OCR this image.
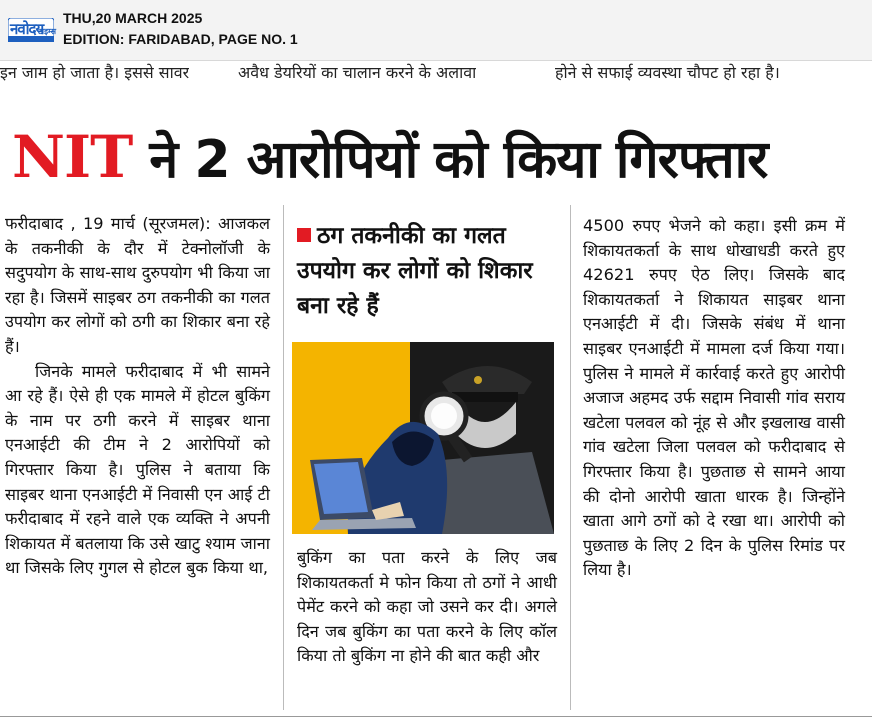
नवोदय
टाइम्स
THU,20 MARCH 2025
EDITION: FARIDABAD, PAGE NO. 1
इन जाम हो जाता है। इससे सावर	अवैध डेयरियों का चालान करने के अलावा	होने से सफाई व्यवस्था चौपट हो रहा है।
NIT ने 2 आरोपियों को किया गिरफ्तार

फरीदाबाद , 19 मार्च (सूरजमल): आजकल के तकनीकी के दौर में टेक्नोलॉजी के सदुपयोग के साथ-साथ दुरुपयोग भी किया जा रहा है। जिसमें साइबर ठग तकनीकी का गलत उपयोग कर लोगों को ठगी का शिकार बना रहे हैं।

जिनके मामले फरीदाबाद में भी सामने आ रहे हैं। ऐसे ही एक मामले में होटल बुकिंग के नाम पर ठगी करने में साइबर थाना एनआईटी की टीम ने 2 आरोपियों को गिरफ्तार किया है। पुलिस ने बताया कि साइबर थाना एनआईटी में निवासी एन आई टी फरीदाबाद में रहने वाले एक व्यक्ति ने अपनी शिकायत में बतलाया कि उसे खाटु श्याम जाना था जिसके लिए गुगल से होटल बुक किया था,

ठग तकनीकी का गलत उपयोग कर लोगों को शिकार बना रहे हैं

बुकिंग का पता करने के लिए जब शिकायतकर्ता मे फोन किया तो ठगों ने आधी पेमेंट करने को कहा जो उसने कर दी। अगले दिन जब बुकिंग का पता करने के लिए कॉल किया तो बुकिंग ना होने की बात कही और

4500 रुपए भेजने को कहा। इसी क्रम में शिकायतकर्ता के साथ धोखाधडी करते हुए 42621 रुपए ऐठ लिए। जिसके बाद शिकायतकर्ता ने शिकायत साइबर थाना एनआईटी में दी। जिसके संबंध में थाना साइबर एनआईटी में मामला दर्ज किया गया। पुलिस ने मामले में कार्रवाई करते हुए आरोपी अजाज अहमद उर्फ सद्दाम निवासी गांव सराय खटेला पलवल को नूंह से और इखलाख वासी गांव खटेला जिला पलवल को फरीदाबाद से गिरफ्तार किया है। पुछताछ से सामने आया की दोनो आरोपी खाता धारक है। जिन्होंने खाता आगे ठगों को दे रखा था। आरोपी को पुछताछ के लिए 2 दिन के पुलिस रिमांड पर लिया है।
